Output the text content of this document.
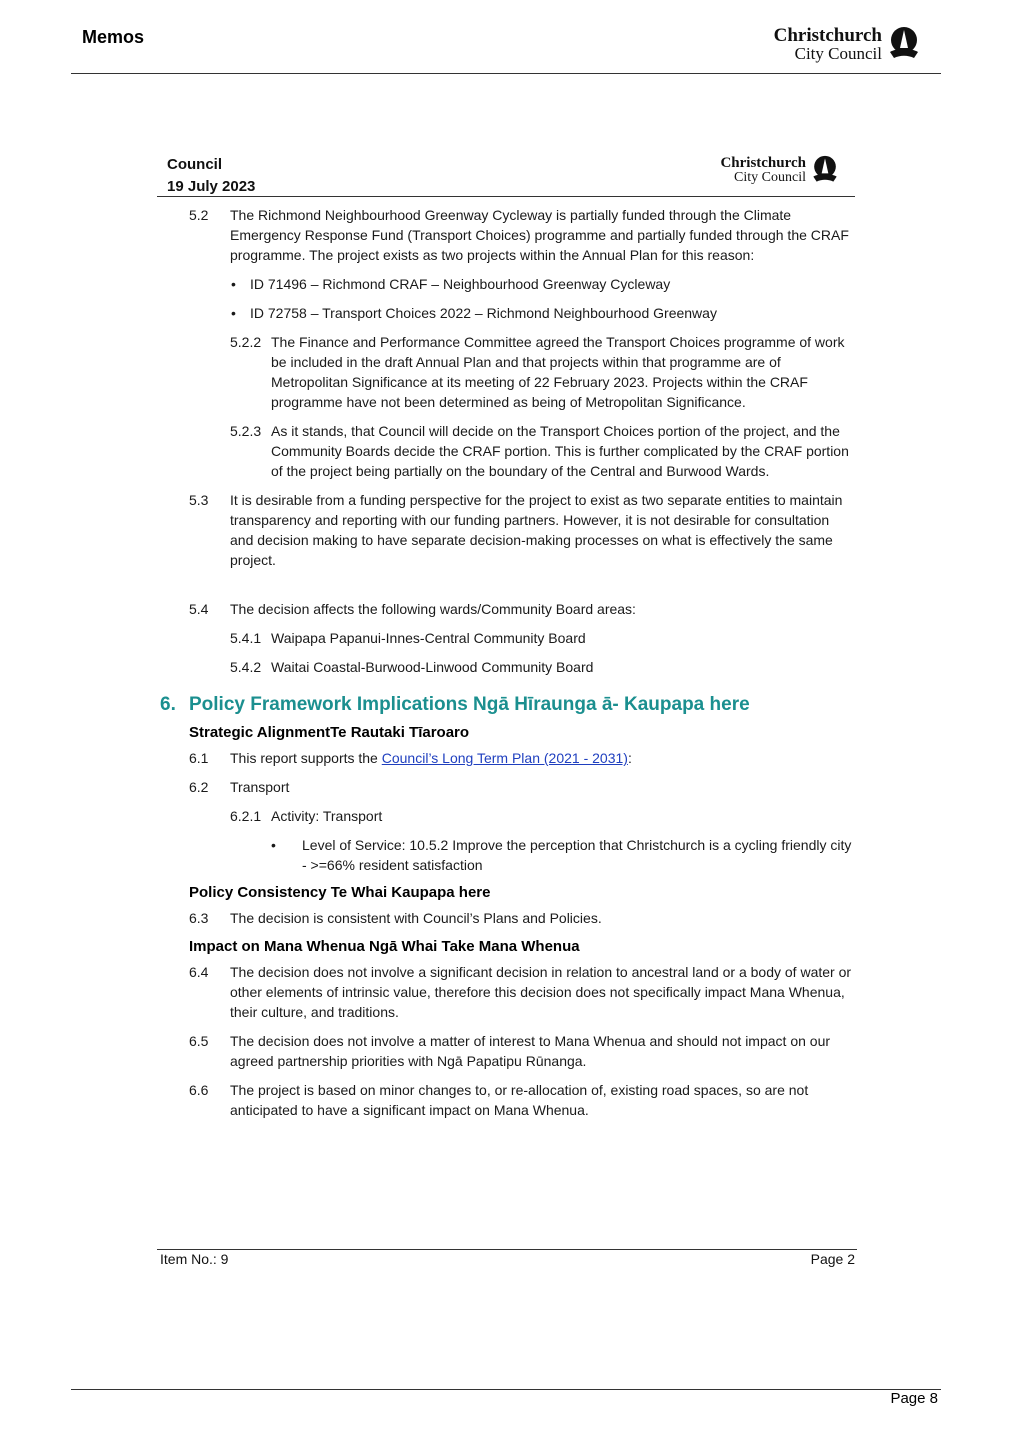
Memos	Christchurch
City Council
Council
19 July 2023
Christchurch
City Council
5.2 The Richmond Neighbourhood Greenway Cycleway is partially funded through the Climate Emergency Response Fund (Transport Choices) programme and partially funded through the CRAF programme. The project exists as two projects within the Annual Plan for this reason:
• ID 71496 – Richmond CRAF – Neighbourhood Greenway Cycleway
• ID 72758 – Transport Choices 2022 – Richmond Neighbourhood Greenway
5.2.2 The Finance and Performance Committee agreed the Transport Choices programme of work be included in the draft Annual Plan and that projects within that programme are of Metropolitan Significance at its meeting of 22 February 2023. Projects within the CRAF programme have not been determined as being of Metropolitan Significance.
5.2.3 As it stands, that Council will decide on the Transport Choices portion of the project, and the Community Boards decide the CRAF portion. This is further complicated by the CRAF portion of the project being partially on the boundary of the Central and Burwood Wards.
5.3 It is desirable from a funding perspective for the project to exist as two separate entities to maintain transparency and reporting with our funding partners. However, it is not desirable for consultation and decision making to have separate decision-making processes on what is effectively the same project.
5.4 The decision affects the following wards/Community Board areas:
5.4.1 Waipapa Papanui-Innes-Central Community Board
5.4.2 Waitai Coastal-Burwood-Linwood Community Board
6. Policy Framework Implications Ngā Hīraunga ā- Kaupapa here
Strategic AlignmentTe Rautaki Tīaroaro
6.1 This report supports the Council’s Long Term Plan (2021 - 2031):
6.2 Transport
6.2.1 Activity: Transport
• Level of Service: 10.5.2 Improve the perception that Christchurch is a cycling friendly city - >=66% resident satisfaction
Policy Consistency Te Whai Kaupapa here
6.3 The decision is consistent with Council’s Plans and Policies.
Impact on Mana Whenua Ngā Whai Take Mana Whenua
6.4 The decision does not involve a significant decision in relation to ancestral land or a body of water or other elements of intrinsic value, therefore this decision does not specifically impact Mana Whenua, their culture, and traditions.
6.5 The decision does not involve a matter of interest to Mana Whenua and should not impact on our agreed partnership priorities with Ngā Papatipu Rūnanga.
6.6 The project is based on minor changes to, or re-allocation of, existing road spaces, so are not anticipated to have a significant impact on Mana Whenua.
Item No.: 9	Page 2
Page 8
